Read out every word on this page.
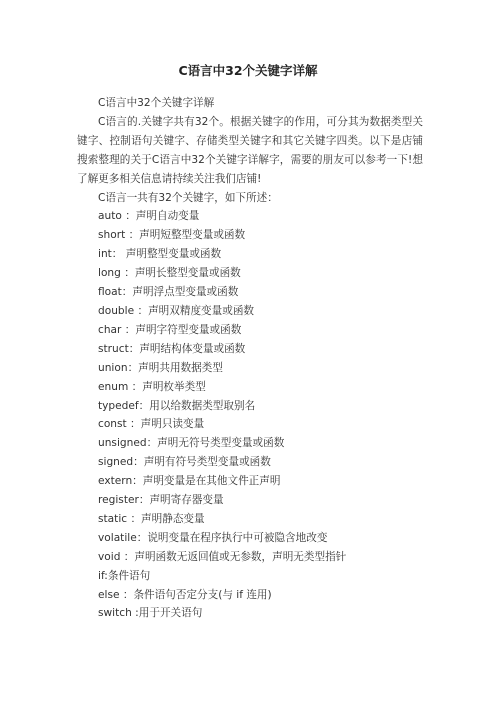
C语言中32个关键字详解

C语言中32个关键字详解

C语言的.关键字共有32个。根据关键字的作用，可分其为数据类型关键字、控制语句关键字、存储类型关键字和其它关键字四类。以下是店铺搜索整理的关于C语言中32个关键字详解字，需要的朋友可以参考一下!想了解更多相关信息请持续关注我们店铺!

C语言一共有32个关键字，如下所述：

auto ：声明自动变量

short ：声明短整型变量或函数

int： 声明整型变量或函数

long ：声明长整型变量或函数

float：声明浮点型变量或函数

double ：声明双精度变量或函数

char ：声明字符型变量或函数

struct：声明结构体变量或函数

union：声明共用数据类型

enum ：声明枚举类型

typedef：用以给数据类型取别名

const ：声明只读变量

unsigned：声明无符号类型变量或函数

signed：声明有符号类型变量或函数

extern：声明变量是在其他文件正声明

register：声明寄存器变量

static ：声明静态变量

volatile：说明变量在程序执行中可被隐含地改变

void ：声明函数无返回值或无参数，声明无类型指针

if:条件语句

else ：条件语句否定分支(与 if 连用)

switch :用于开关语句
